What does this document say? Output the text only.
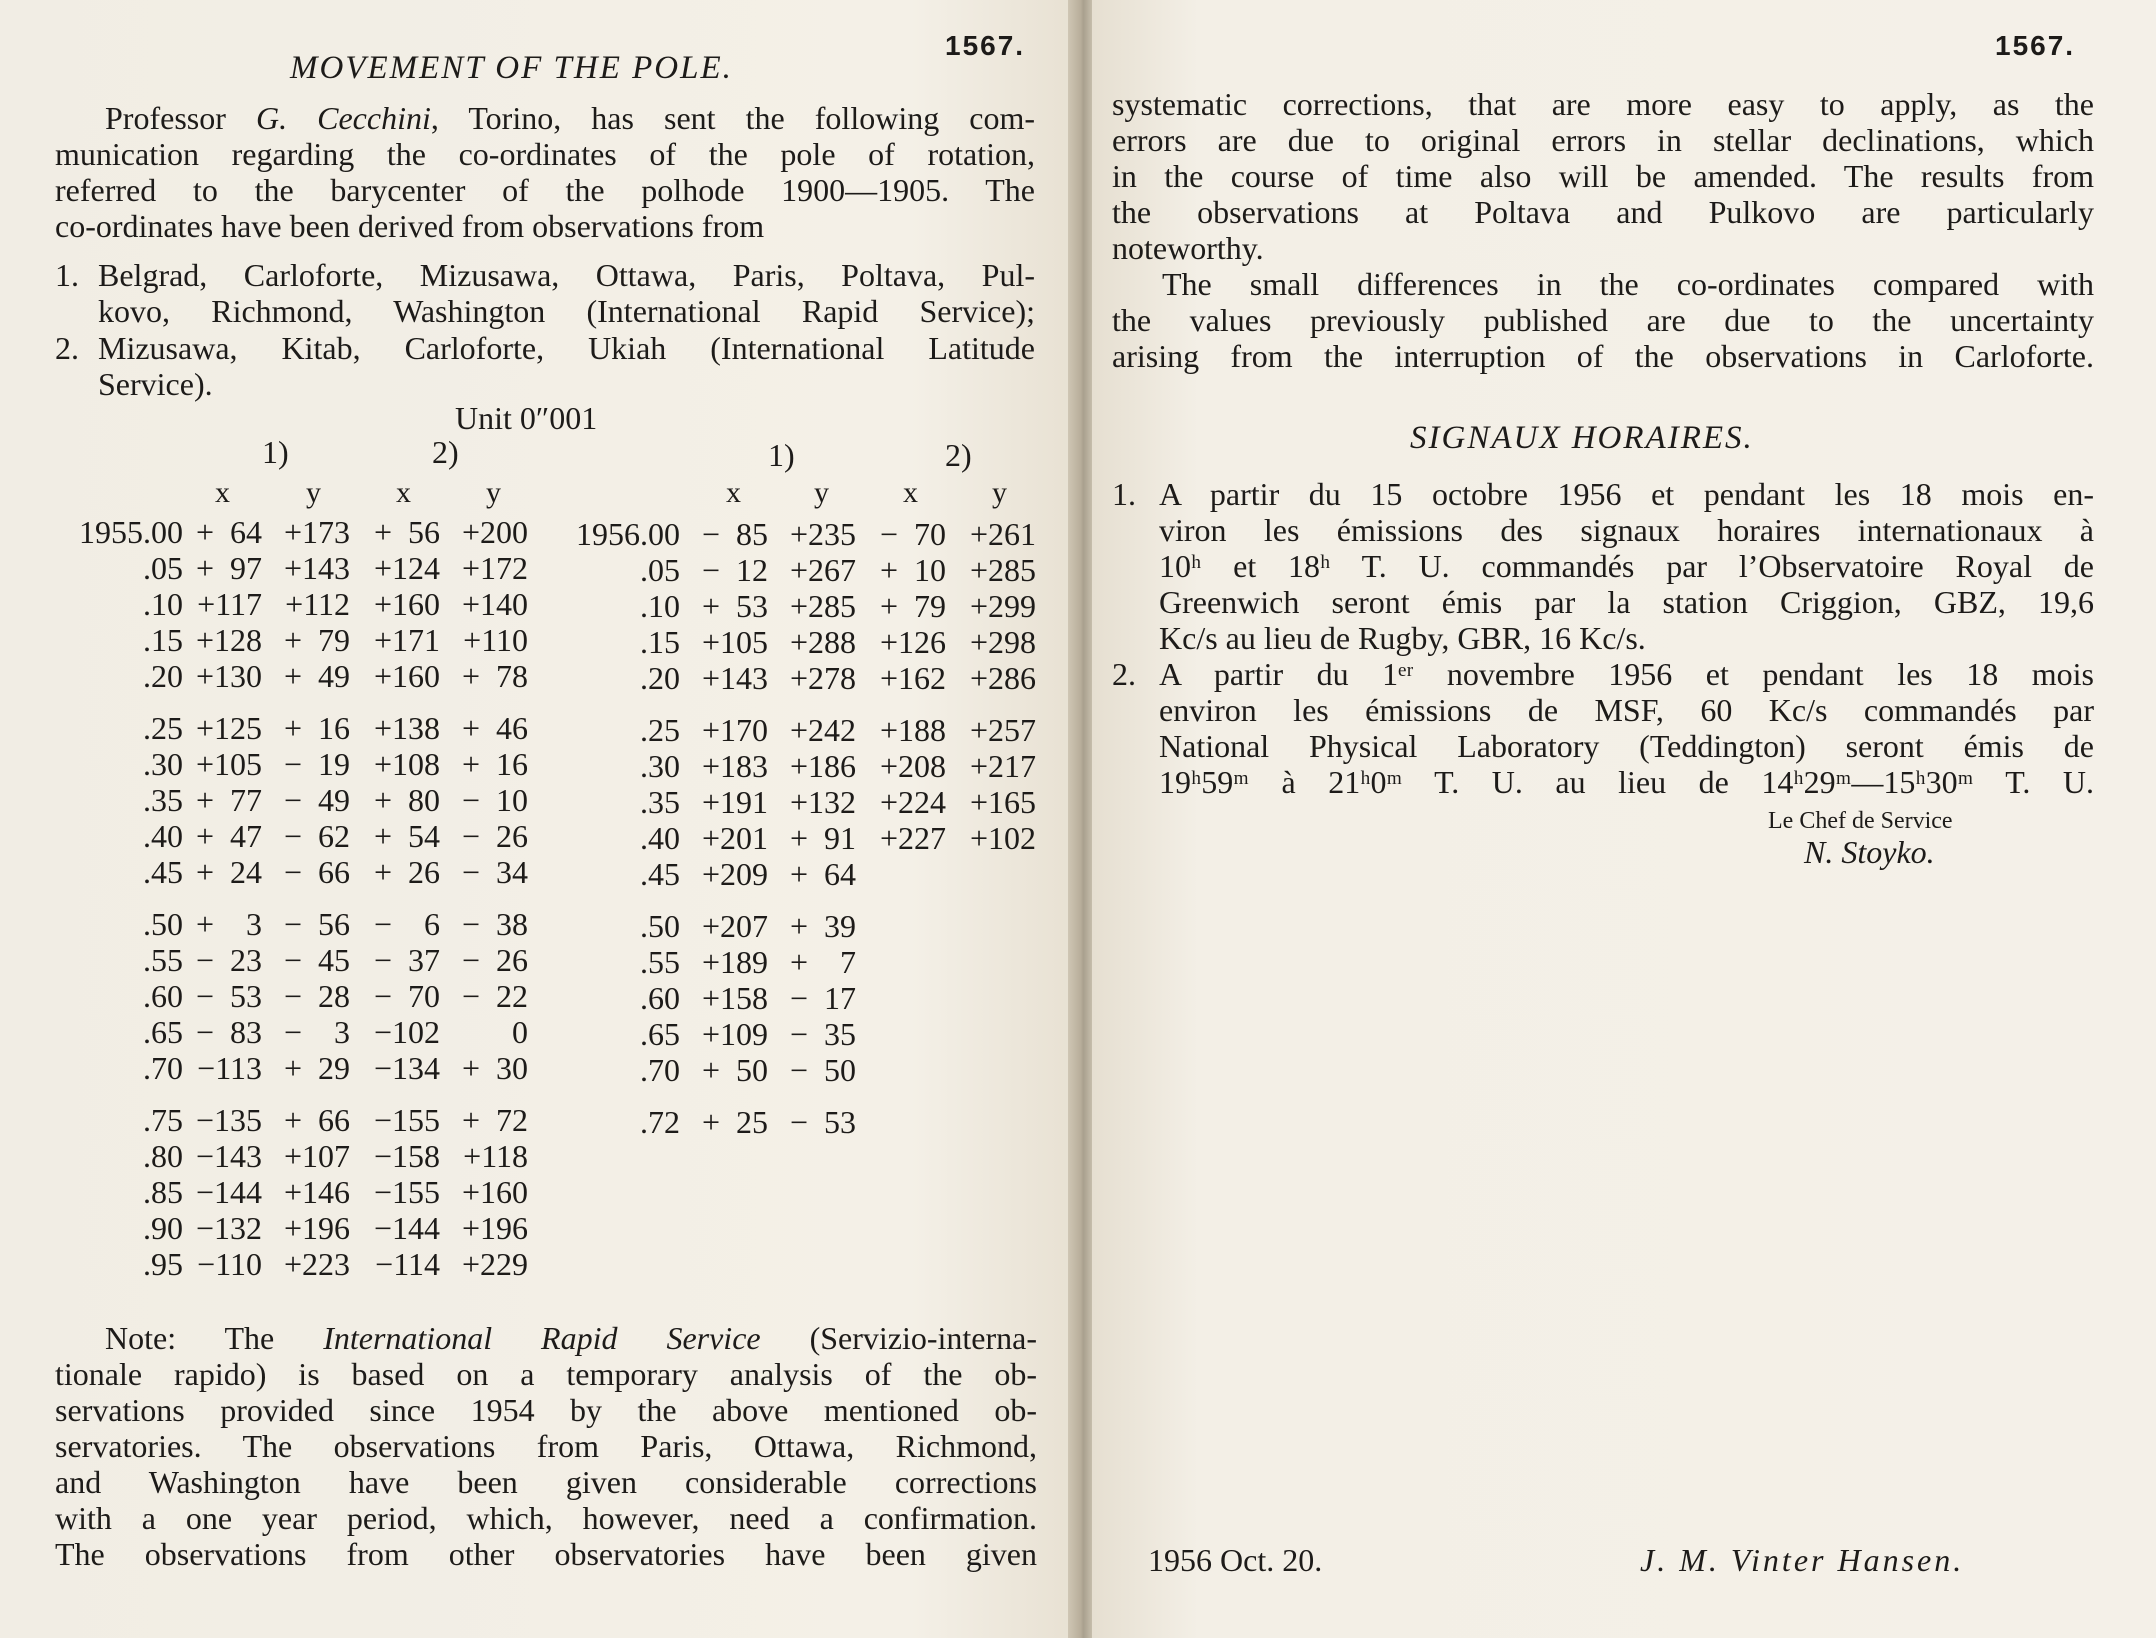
1567.
MOVEMENT OF THE POLE.
Professor G. Cecchini, Torino, has sent the following com-
munication regarding the co-ordinates of the pole of rotation,
referred to the barycenter of the polhode 1900—1905. The
co-ordinates have been derived from observations from
1. Belgrad, Carloforte, Mizusawa, Ottawa, Paris, Poltava, Pul-
kovo, Richmond, Washington (International Rapid Service);
2. Mizusawa, Kitab, Carloforte, Ukiah (International Latitude
Service).
Unit 0″001
1)	2)	1)	2)
x	y	x	y	x y x y
1955.00 +  64 +173 +  56 +200
.05 +  97 +143 +124 +172
.10 +117 +112 +160 +140
.15 +128 +  79 +171 +110
.20 +130 +  49 +160 +  78
.25 +125 +  16 +138 +  46
.30 +105 −  19 +108 +  16
.35 +  77 −  49 +  80 −  10
.40 +  47 −  62 +  54 −  26
.45 +  24 −  66 +  26 −  34
.50 +    3 −  56 −    6 −  38
.55 −  23 −  45 −  37 −  26
.60 −  53 −  28 −  70 −  22
.65 −  83 −    3 −102	0
.70 −113 +  29 −134 +  30
.75 −135 +  66 −155 +  72
.80 −143 +107 −158 +118
.85 −144 +146 −155 +160
.90 −132 +196 −144 +196
.95 −110 +223 −114 +229
1956.00 −  85 +235 −  70 +261
.05 −  12 +267 +  10 +285
.10 +  53 +285 +  79 +299
.15 +105 +288 +126 +298
.20 +143 +278 +162 +286
.25 +170 +242 +188 +257
.30 +183 +186 +208 +217
.35 +191 +132 +224 +165
.40 +201 +  91 +227 +102
.45 +209 +  64
.50 +207 +  39
.55 +189 +    7
.60 +158 −  17
.65 +109 −  35
.70 +  50 −  50
.72 +  25 −  53
Note: The International Rapid Service (Servizio-interna-
tionale rapido) is based on a temporary analysis of the ob-
servations provided since 1954 by the above mentioned ob-
servatories. The observations from Paris, Ottawa, Richmond,
and Washington have been given considerable corrections
with a one year period, which, however, need a confirmation.
The observations from other observatories have been given
1567.
systematic corrections, that are more easy to apply, as the
errors are due to original errors in stellar declinations, which
in the course of time also will be amended. The results from
the observations at Poltava and Pulkovo are particularly
noteworthy.
The small differences in the co-ordinates compared with
the values previously published are due to the uncertainty
arising from the interruption of the observations in Carloforte.
SIGNAUX HORAIRES.
1. A partir du 15 octobre 1956 et pendant les 18 mois en-
viron les émissions des signaux horaires internationaux à
10ʰ et 18ʰ T. U. commandés par l’Observatoire Royal de
Greenwich seront émis par la station Criggion, GBZ, 19,6
Kc/s au lieu de Rugby, GBR, 16 Kc/s.
2. A partir du 1ᵉʳ novembre 1956 et pendant les 18 mois
environ les émissions de MSF, 60 Kc/s commandés par
National Physical Laboratory (Teddington) seront émis de
19ʰ59ᵐ à 21ʰ0ᵐ T. U. au lieu de 14ʰ29ᵐ—15ʰ30ᵐ T. U.
Le Chef de Service
N. Stoyko.
1956 Oct. 20.	J. M. Vinter Hansen.
